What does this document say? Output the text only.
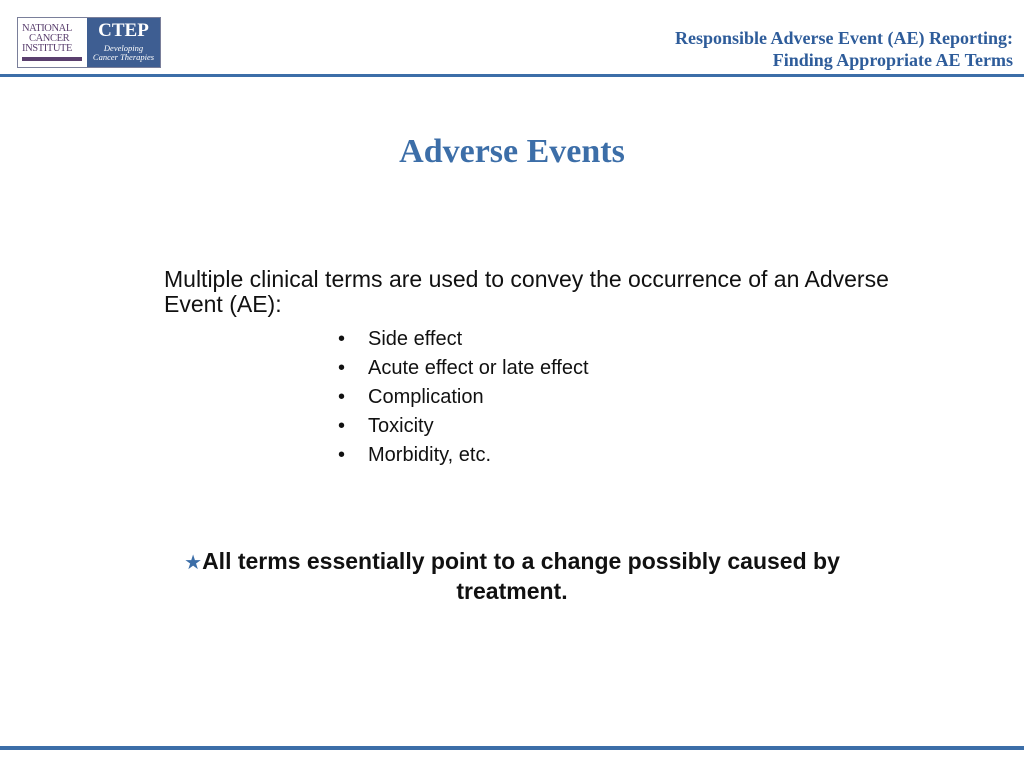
NATIONAL
CANCER
INSTITUTE
CTEP
Developing
Cancer Therapies
Responsible Adverse Event (AE) Reporting:
Finding Appropriate AE Terms
Adverse Events
Multiple clinical terms are used to convey the occurrence of an Adverse Event (AE):
• Side effect
• Acute effect or late effect
• Complication
• Toxicity
• Morbidity, etc.
★All terms essentially point to a change possibly caused by treatment.
